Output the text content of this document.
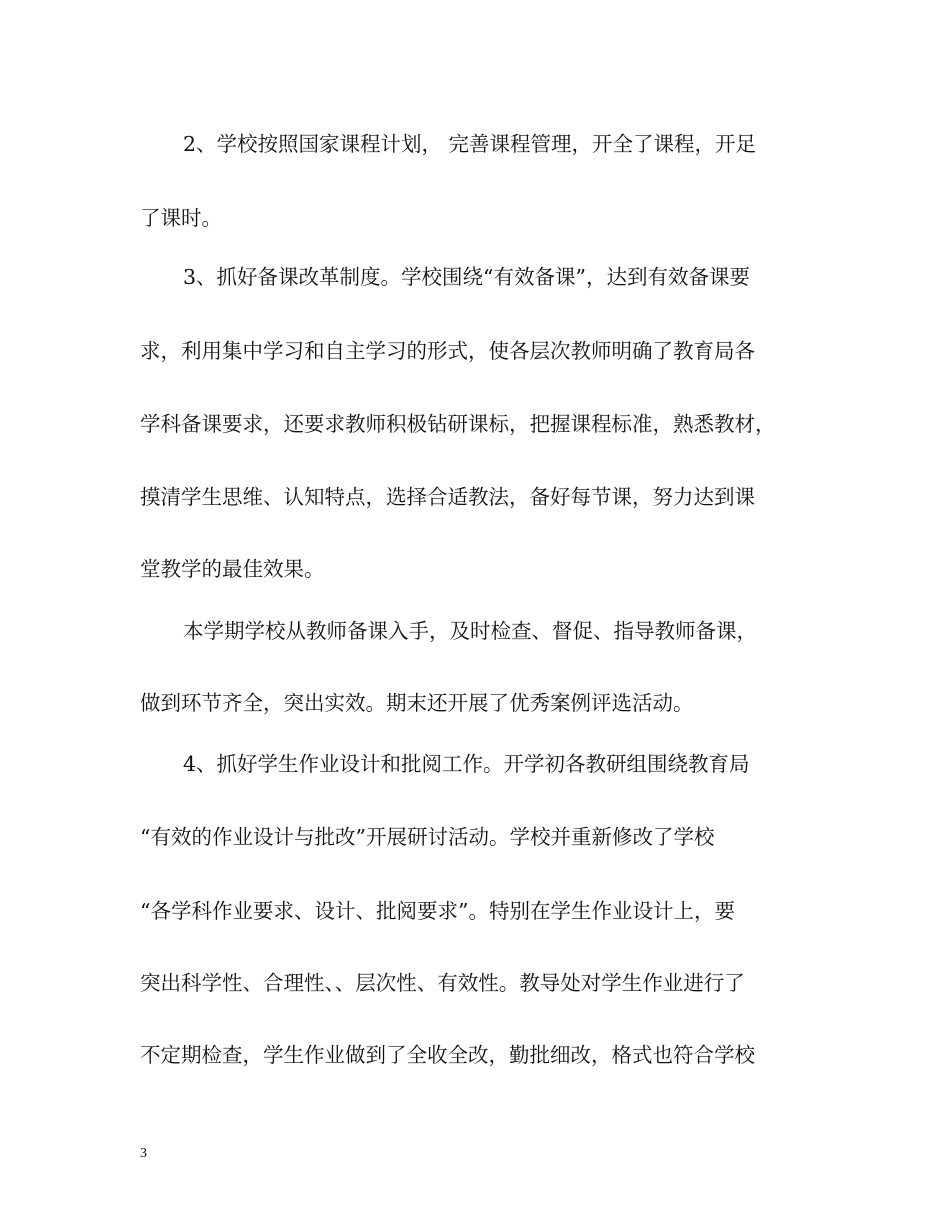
2、学校按照国家课程计划， 完善课程管理，开全了课程，开足
了课时。
3、抓好备课改革制度。学校围绕“有效备课”，达到有效备课要
求，利用集中学习和自主学习的形式，使各层次教师明确了教育局各
学科备课要求，还要求教师积极钻研课标，把握课程标准，熟悉教材，
摸清学生思维、认知特点，选择合适教法，备好每节课，努力达到课
堂教学的最佳效果。
本学期学校从教师备课入手，及时检查、督促、指导教师备课，
做到环节齐全，突出实效。期末还开展了优秀案例评选活动。
4、抓好学生作业设计和批阅工作。开学初各教研组围绕教育局
“有效的作业设计与批改”开展研讨活动。学校并重新修改了学校
“各学科作业要求、设计、批阅要求”。特别在学生作业设计上，要
突出科学性、合理性、、层次性、有效性。教导处对学生作业进行了
不定期检查，学生作业做到了全收全改，勤批细改，格式也符合学校
3
